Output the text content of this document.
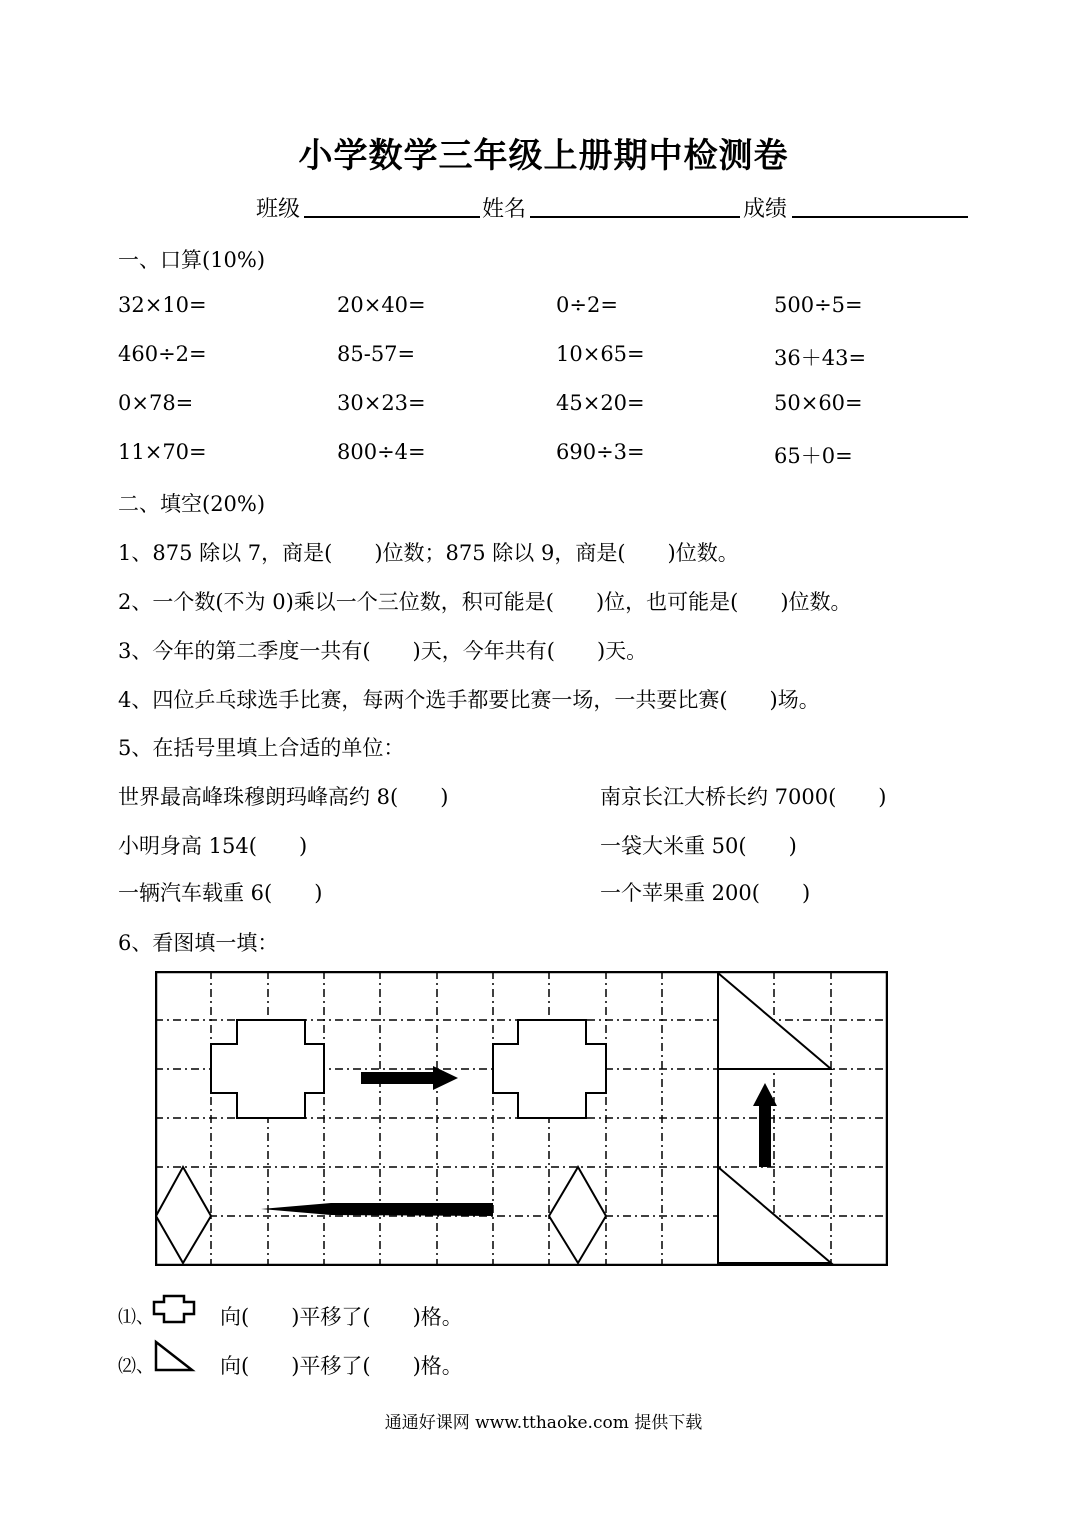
小学数学三年级上册期中检测卷
班级	姓名	成绩
一、口算(10%)
32×10=	20×40=	0÷2=	500÷5=
460÷2=	85-57=	10×65=	36＋43=
0×78=	30×23=	45×20=	50×60=
11×70=	800÷4=	690÷3=	65＋0=
二、填空(20%)
1、875 除以 7，商是(　　)位数；875 除以 9，商是(　　)位数。
2、一个数(不为 0)乘以一个三位数，积可能是(　　)位，也可能是(　　)位数。
3、今年的第二季度一共有(　　)天，今年共有(　　)天。
4、四位乒乓球选手比赛，每两个选手都要比赛一场，一共要比赛(　　)场。
5、在括号里填上合适的单位：
世界最高峰珠穆朗玛峰高约 8(　　)	南京长江大桥长约 7000(　　)
小明身高 154(　　)	一袋大米重 50(　　)
一辆汽车载重 6(　　)	一个苹果重 200(　　)
6、看图填一填：
⑴、	向(　　)平移了(　　)格。
⑵、	向(　　)平移了(　　)格。
通通好课网 www.tthaoke.com 提供下载
